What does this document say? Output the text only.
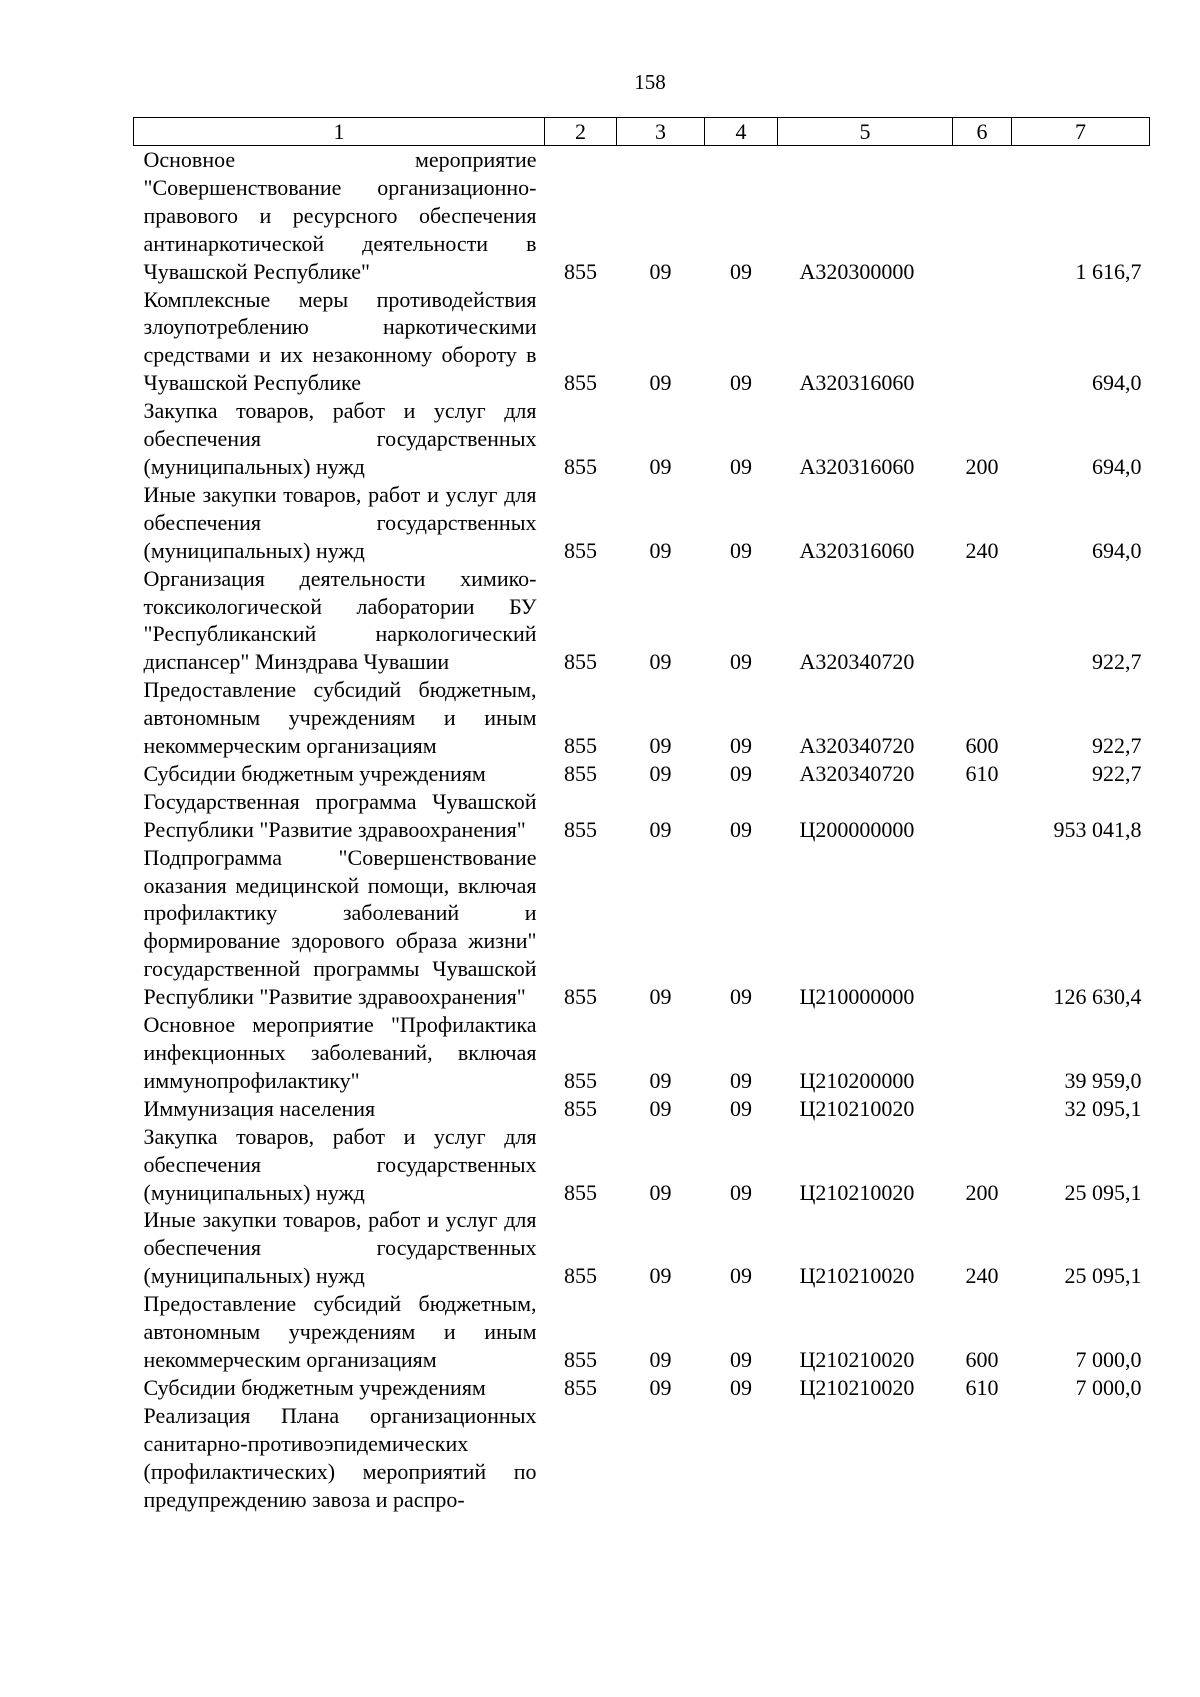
158
1	2	3	4	5	6	7
Основное мероприятие "Совершенствование организационно-правового и ресурсного обеспечения антинаркотической деятельности в Чувашской Республике"	855	09	09	А320300000		1 616,7
Комплексные меры противодействия злоупотреблению наркотическими средствами и их незаконному обороту в Чувашской Республике	855	09	09	А320316060		694,0
Закупка товаров, работ и услуг для обеспечения государственных (муниципальных) нужд	855	09	09	А320316060	200	694,0
Иные закупки товаров, работ и услуг для обеспечения государственных (муниципальных) нужд	855	09	09	А320316060	240	694,0
Организация деятельности химико-токсикологической лаборатории БУ "Республиканский наркологический диспансер" Минздрава Чувашии	855	09	09	А320340720		922,7
Предоставление субсидий бюджетным, автономным учреждениям и иным некоммерческим организациям	855	09	09	А320340720	600	922,7
Субсидии бюджетным учреждениям	855	09	09	А320340720	610	922,7
Государственная программа Чувашской Республики "Развитие здравоохранения"	855	09	09	Ц200000000		953 041,8
Подпрограмма "Совершенствование оказания медицинской помощи, включая профилактику заболеваний и формирование здорового образа жизни" государственной программы Чувашской Республики "Развитие здравоохранения"	855	09	09	Ц210000000		126 630,4
Основное мероприятие "Профилактика инфекционных заболеваний, включая иммунопрофилактику"	855	09	09	Ц210200000		39 959,0
Иммунизация населения	855	09	09	Ц210210020		32 095,1
Закупка товаров, работ и услуг для обеспечения государственных (муниципальных) нужд	855	09	09	Ц210210020	200	25 095,1
Иные закупки товаров, работ и услуг для обеспечения государственных (муниципальных) нужд	855	09	09	Ц210210020	240	25 095,1
Предоставление субсидий бюджетным, автономным учреждениям и иным некоммерческим организациям	855	09	09	Ц210210020	600	7 000,0
Субсидии бюджетным учреждениям	855	09	09	Ц210210020	610	7 000,0
Реализация Плана организационных санитарно-противоэпидемических (профилактических) мероприятий по предупреждению завоза и распро-						
